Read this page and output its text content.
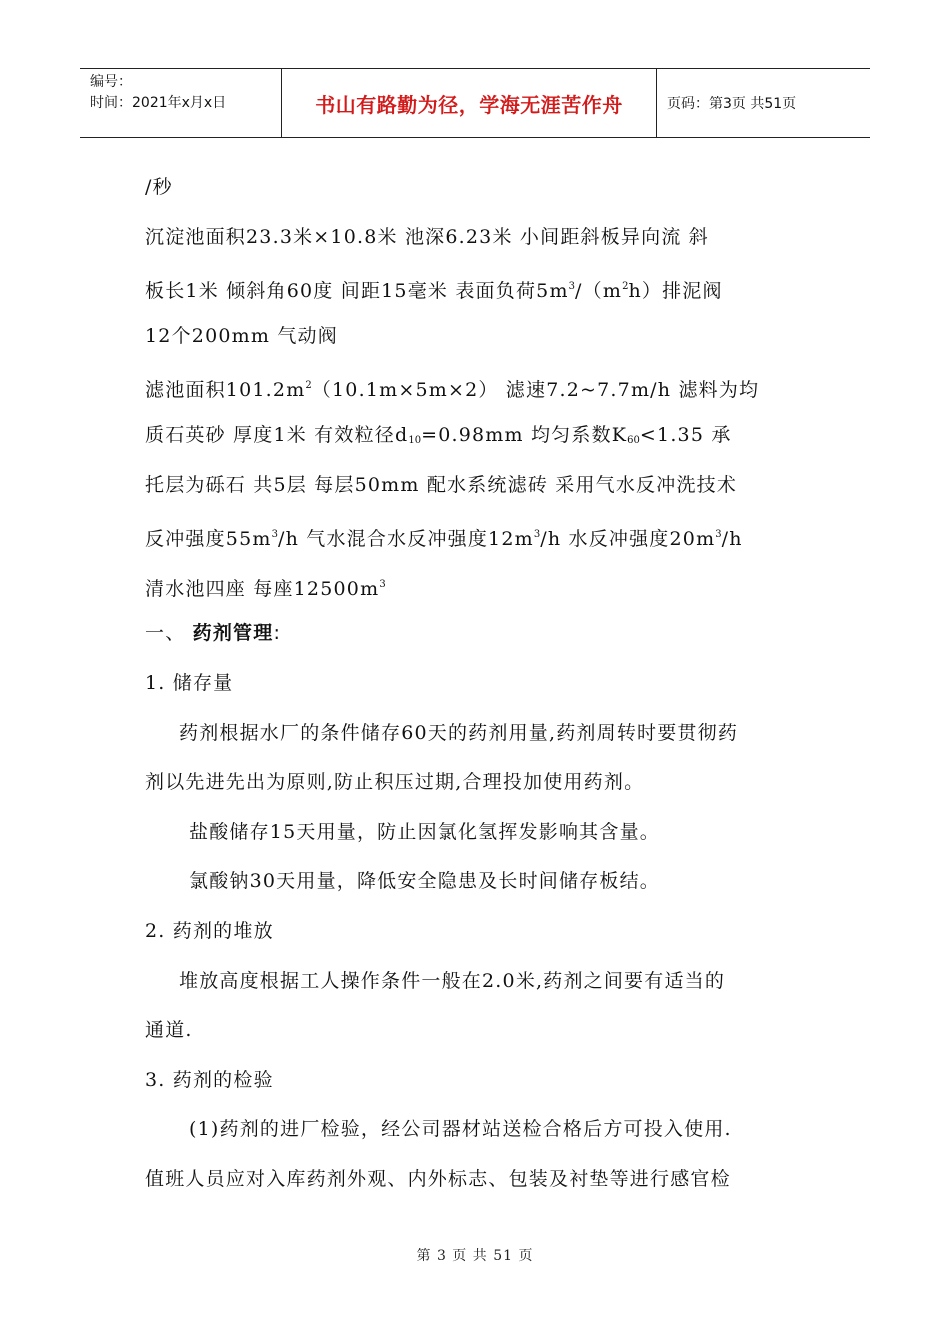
编号：
时间：2021年x月x日	书山有路勤为径，学海无涯苦作舟	页码：第3页 共51页
/秒
沉淀池面积23.3米×10.8米 池深6.23米 小间距斜板异向流 斜
板长1米 倾斜角60度 间距15毫米 表面负荷$5m^3/(m^2h)$排泥阀
12个200mm 气动阀
滤池面积$101.2m^2(10.1m\times 5m\times 2)$ 滤速7.2~7.7m/h 滤料为均
质石英砂 厚度1米 有效粒径$d_{10}=0.98mm$ 均匀系数$K_{60}<1.35$ 承
托层为砾石 共5层 每层50mm 配水系统滤砖 采用气水反冲洗技术
反冲强度$55m^3/h$ 气水混合水反冲强度$12m^3/h$ 水反冲强度$20m^3/h$
清水池四座 每座$12500m^3$
一、 药剂管理:
1. 储存量
药剂根据水厂的条件储存60天的药剂用量,药剂周转时要贯彻药
剂以先进先出为原则,防止积压过期,合理投加使用药剂。
盐酸储存15天用量，防止因氯化氢挥发影响其含量。
氯酸钠30天用量，降低安全隐患及长时间储存板结。
2. 药剂的堆放
堆放高度根据工人操作条件一般在2.0米,药剂之间要有适当的
通道.
3. 药剂的检验
(1)药剂的进厂检验，经公司器材站送检合格后方可投入使用.
值班人员应对入库药剂外观、内外标志、包装及衬垫等进行感官检
第 3 页 共 51 页
